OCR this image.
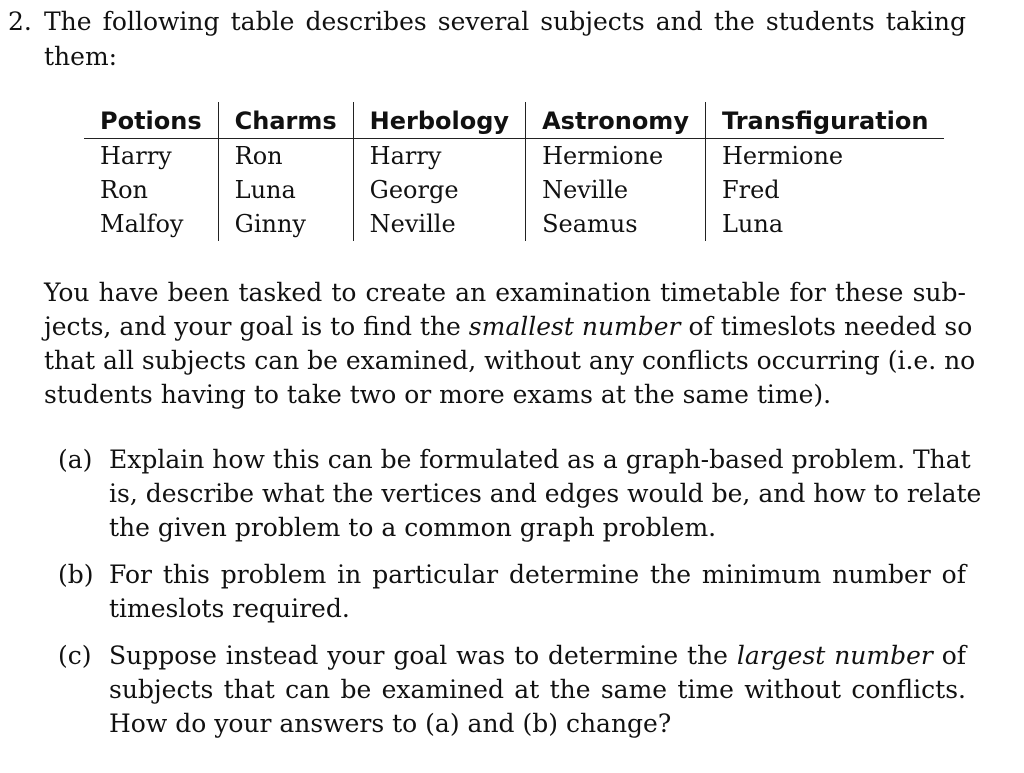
2. The following table describes several subjects and the students taking
them:
Potions	Charms	Herbology	Astronomy	Transfiguration
Harry	Ron	Harry	Hermione	Hermione
Ron	Luna	George	Neville	Fred
Malfoy	Ginny	Neville	Seamus	Luna
You have been tasked to create an examination timetable for these sub-
jects, and your goal is to find the smallest number of timeslots needed so
that all subjects can be examined, without any conflicts occurring (i.e. no
students having to take two or more exams at the same time).
(a) Explain how this can be formulated as a graph-based problem. That
is, describe what the vertices and edges would be, and how to relate
the given problem to a common graph problem.
(b) For this problem in particular determine the minimum number of
timeslots required.
(c) Suppose instead your goal was to determine the largest number of
subjects that can be examined at the same time without conflicts.
How do your answers to (a) and (b) change?
